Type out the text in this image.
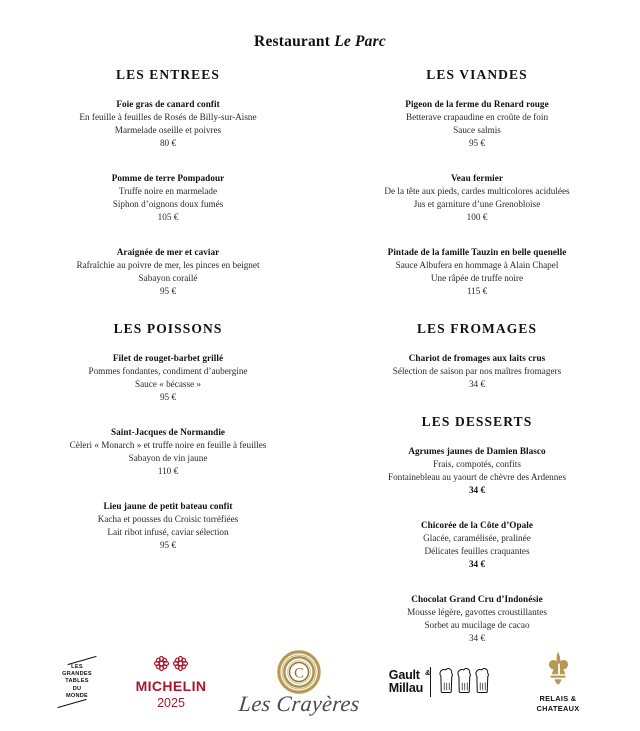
Restaurant Le Parc
LES ENTREES
Foie gras de canard confit
En feuille à feuilles de Rosés de Billy-sur-Aisne
Marmelade oseille et poivres
80 €
Pomme de terre Pompadour
Truffe noire en marmelade
Siphon d’oignons doux fumés
105 €
Araignée de mer et caviar
Rafraîchie au poivre de mer, les pinces en beignet
Sabayon corailé
95 €
LES POISSONS
Filet de rouget-barbet grillé
Pommes fondantes, condiment d’aubergine
Sauce « bécasse »
95 €
Saint-Jacques de Normandie
Cèleri « Monarch » et truffe noire en feuille à feuilles
Sabayon de vin jaune
110 €
Lieu jaune de petit bateau confit
Kacha et pousses du Croisic torréfiées
Lait ribot infusé, caviar sélection
95 €
LES VIANDES
Pigeon de la ferme du Renard rouge
Betterave crapaudine en croûte de foin
Sauce salmis
95 €
Veau fermier
De la tête aux pieds, cardes multicolores acidulées
Jus et garniture d’une Grenobloise
100 €
Pintade de la famille Tauzin en belle quenelle
Sauce Albufera en hommage à Alain Chapel
Une râpée de truffe noire
115 €
LES FROMAGES
Chariot de fromages aux laits crus
Sélection de saison par nos maîtres fromagers
34 €
LES DESSERTS
Agrumes jaunes de Damien Blasco
Frais, compotés, confits
Fontainebleau au yaourt de chèvre des Ardennes
34 €
Chicorée de la Côte d’Opale
Glacée, caramélisée, pralinée
Délicates feuilles craquantes
34 €
Chocolat Grand Cru d’Indonésie
Mousse légère, gavottes croustillantes
Sorbet au mucilage de cacao
34 €
LES
GRANDES
TABLES
DU
MONDE
MICHELIN
2025
C
Les Crayères
Gault
Millau
&
RELAIS &
CHATEAUX
